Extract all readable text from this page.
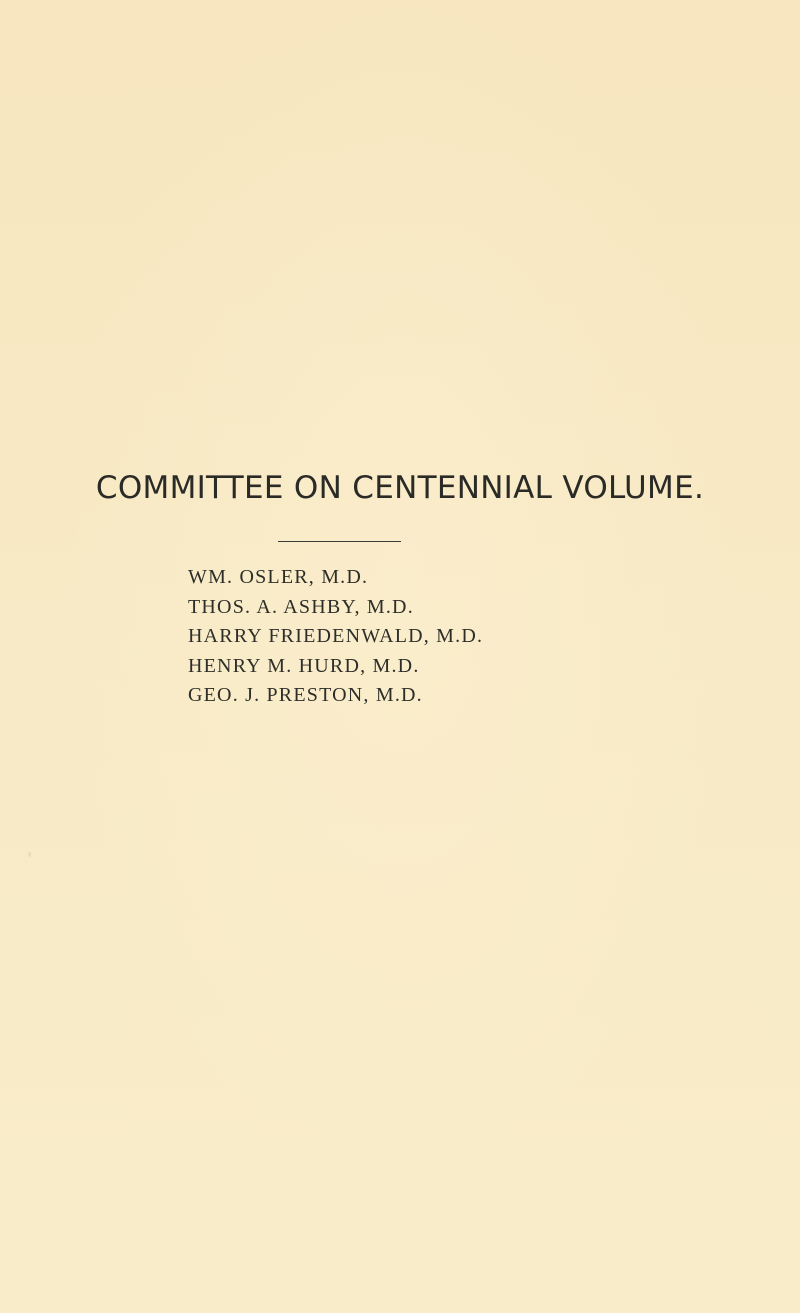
COMMITTEE ON CENTENNIAL VOLUME.
WM. OSLER, M.D.
THOS. A. ASHBY, M.D.
HARRY FRIEDENWALD, M.D.
HENRY M. HURD, M.D.
GEO. J. PRESTON, M.D.
